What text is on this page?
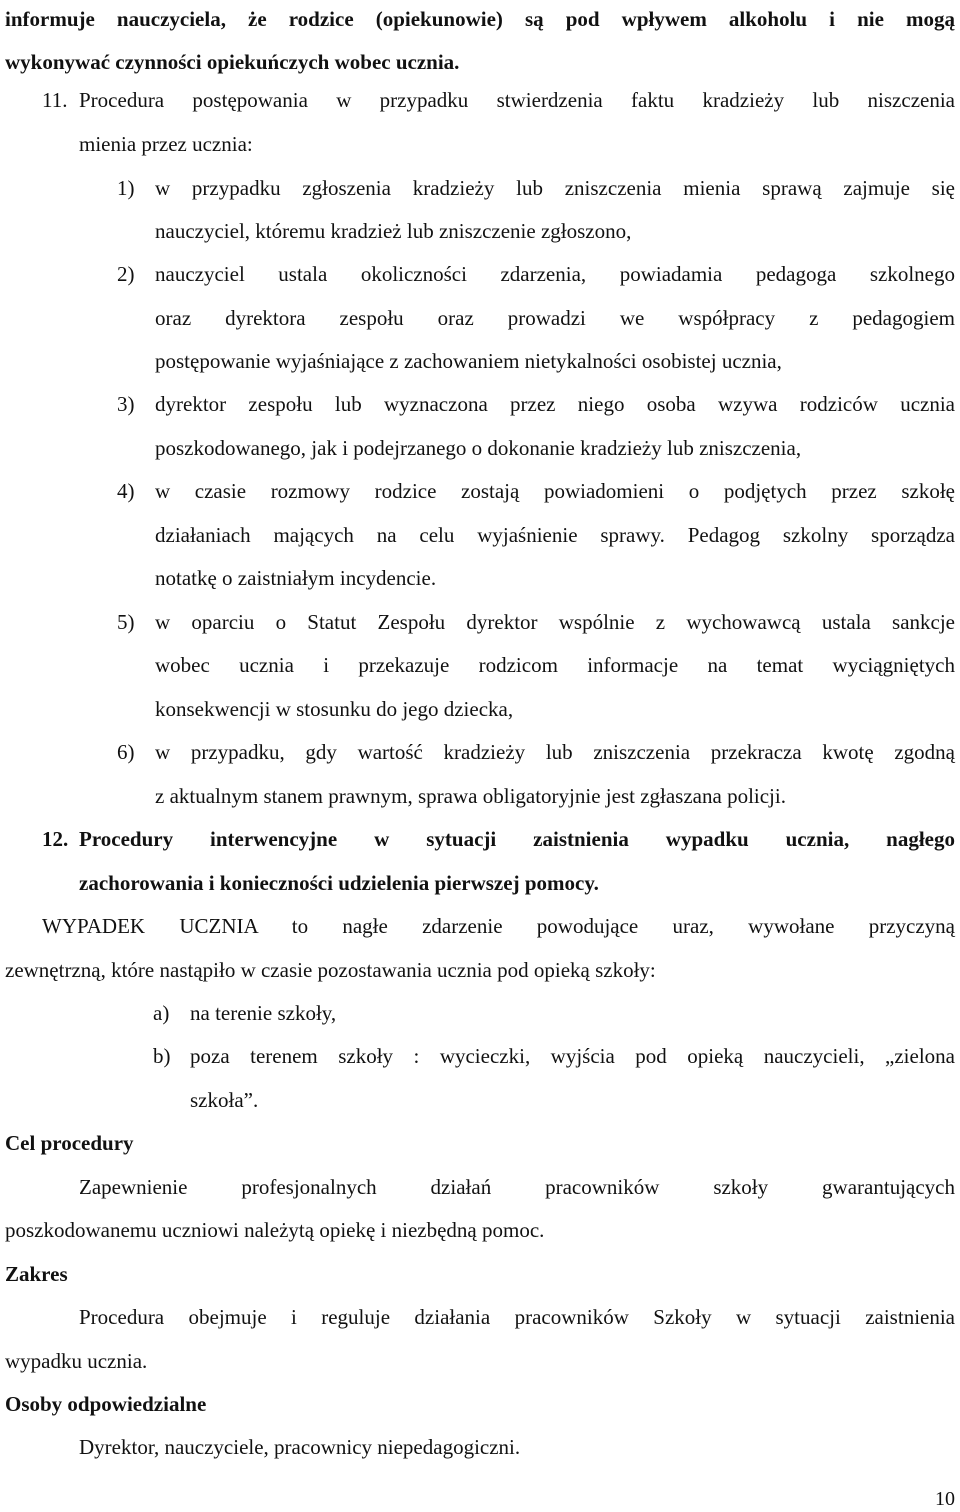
informuje nauczyciela, że rodzice (opiekunowie) są pod wpływem alkoholu i nie mogą
wykonywać czynności opiekuńczych wobec ucznia.
11. Procedura postępowania w przypadku stwierdzenia faktu kradzieży lub niszczenia
mienia przez ucznia:
1) w przypadku zgłoszenia kradzieży lub zniszczenia mienia sprawą zajmuje się
nauczyciel, któremu kradzież lub zniszczenie zgłoszono,
2) nauczyciel ustala okoliczności zdarzenia, powiadamia pedagoga szkolnego
oraz dyrektora zespołu oraz prowadzi we współpracy z pedagogiem
postępowanie wyjaśniające z zachowaniem nietykalności osobistej ucznia,
3) dyrektor zespołu lub wyznaczona przez niego osoba wzywa rodziców ucznia
poszkodowanego, jak i podejrzanego o dokonanie kradzieży lub zniszczenia,
4) w czasie rozmowy rodzice zostają powiadomieni o podjętych przez szkołę
działaniach mających na celu wyjaśnienie sprawy. Pedagog szkolny sporządza
notatkę o zaistniałym incydencie.
5) w oparciu o Statut Zespołu dyrektor wspólnie z wychowawcą ustala sankcje
wobec ucznia i przekazuje rodzicom informacje na temat wyciągniętych
konsekwencji w stosunku do jego dziecka,
6) w przypadku, gdy wartość kradzieży lub zniszczenia przekracza kwotę zgodną
z aktualnym stanem prawnym, sprawa obligatoryjnie jest zgłaszana policji.
12. Procedury interwencyjne w sytuacji zaistnienia wypadku ucznia, nagłego
zachorowania i konieczności udzielenia pierwszej pomocy.
WYPADEK UCZNIA to nagłe zdarzenie powodujące uraz, wywołane przyczyną
zewnętrzną, które nastąpiło w czasie pozostawania ucznia pod opieką szkoły:
a) na terenie szkoły,
b) poza terenem szkoły : wycieczki, wyjścia pod opieką nauczycieli, „zielona
szkoła”.
Cel procedury
Zapewnienie profesjonalnych działań pracowników szkoły gwarantujących
poszkodowanemu uczniowi należytą opiekę i niezbędną pomoc.
Zakres
Procedura obejmuje i reguluje działania pracowników Szkoły w sytuacji zaistnienia
wypadku ucznia.
Osoby odpowiedzialne
Dyrektor, nauczyciele, pracownicy niepedagogiczni.
10
